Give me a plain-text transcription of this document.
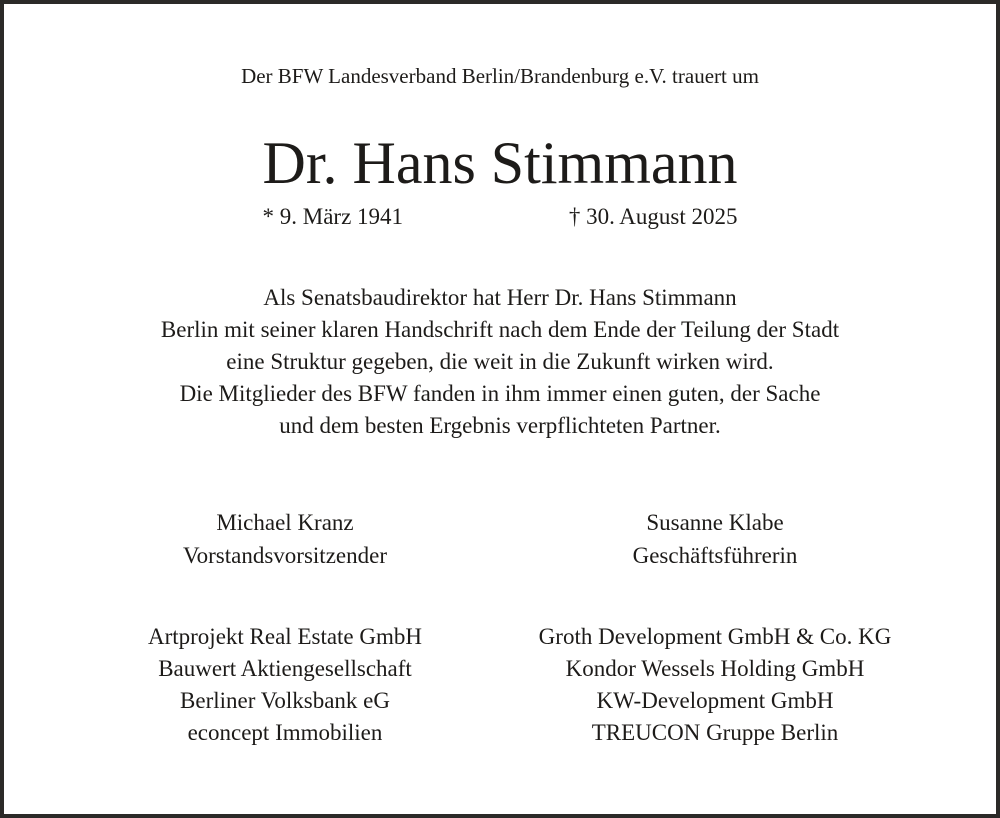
Der BFW Landesverband Berlin/Brandenburg e.V. trauert um
Dr. Hans Stimmann
* 9. März 1941	† 30. August 2025
Als Senatsbaudirektor hat Herr Dr. Hans Stimmann
Berlin mit seiner klaren Handschrift nach dem Ende der Teilung der Stadt
eine Struktur gegeben, die weit in die Zukunft wirken wird.
Die Mitglieder des BFW fanden in ihm immer einen guten, der Sache
und dem besten Ergebnis verpflichteten Partner.
Michael Kranz
Vorstandsvorsitzender
Susanne Klabe
Geschäftsführerin
Artprojekt Real Estate GmbH
Bauwert Aktiengesellschaft
Berliner Volksbank eG
econcept Immobilien
Groth Development GmbH & Co. KG
Kondor Wessels Holding GmbH
KW-Development GmbH
TREUCON Gruppe Berlin
